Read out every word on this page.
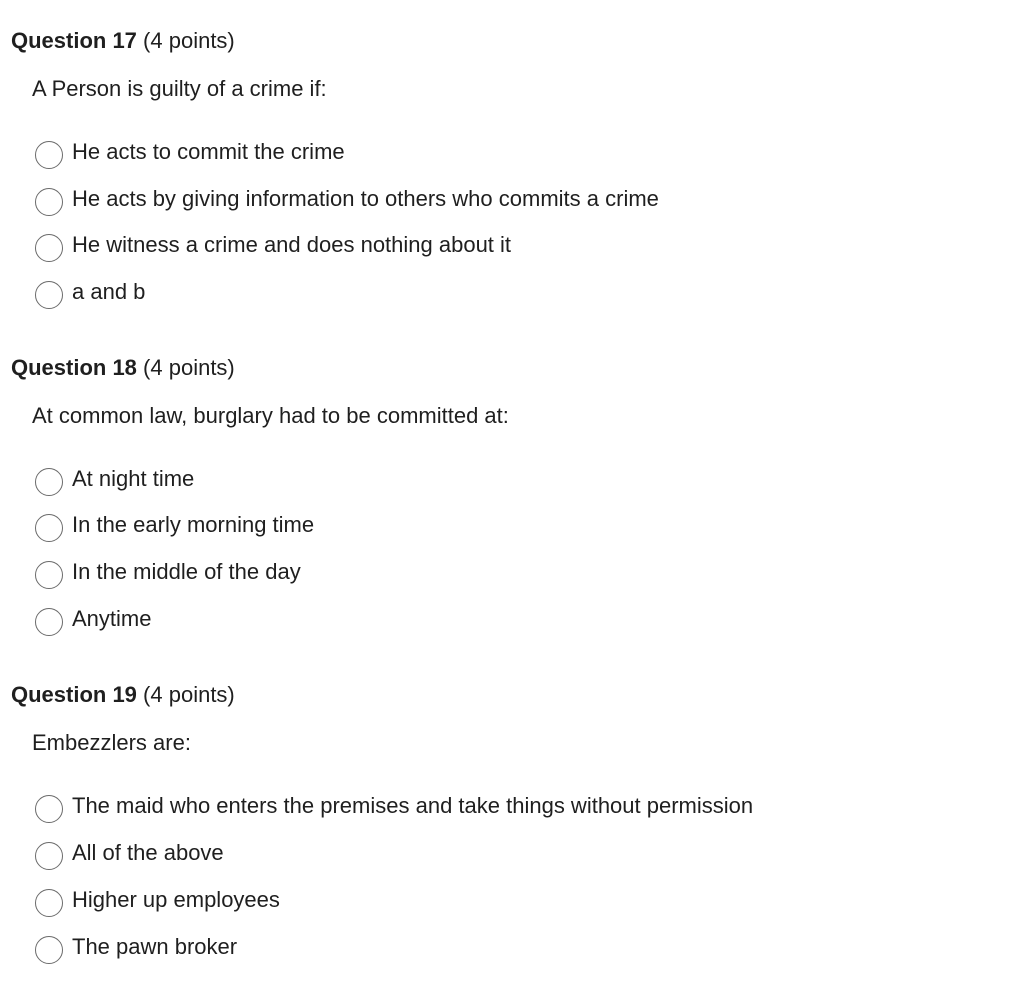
Question 17 (4 points)
A Person is guilty of a crime if:
He acts to commit the crime
He acts by giving information to others who commits a crime
He witness a crime and does nothing about it
a and b
Question 18 (4 points)
At common law, burglary had to be committed at:
At night time
In the early morning time
In the middle of the day
Anytime
Question 19 (4 points)
Embezzlers are:
The maid who enters the premises and take things without permission
All of the above
Higher up employees
The pawn broker
